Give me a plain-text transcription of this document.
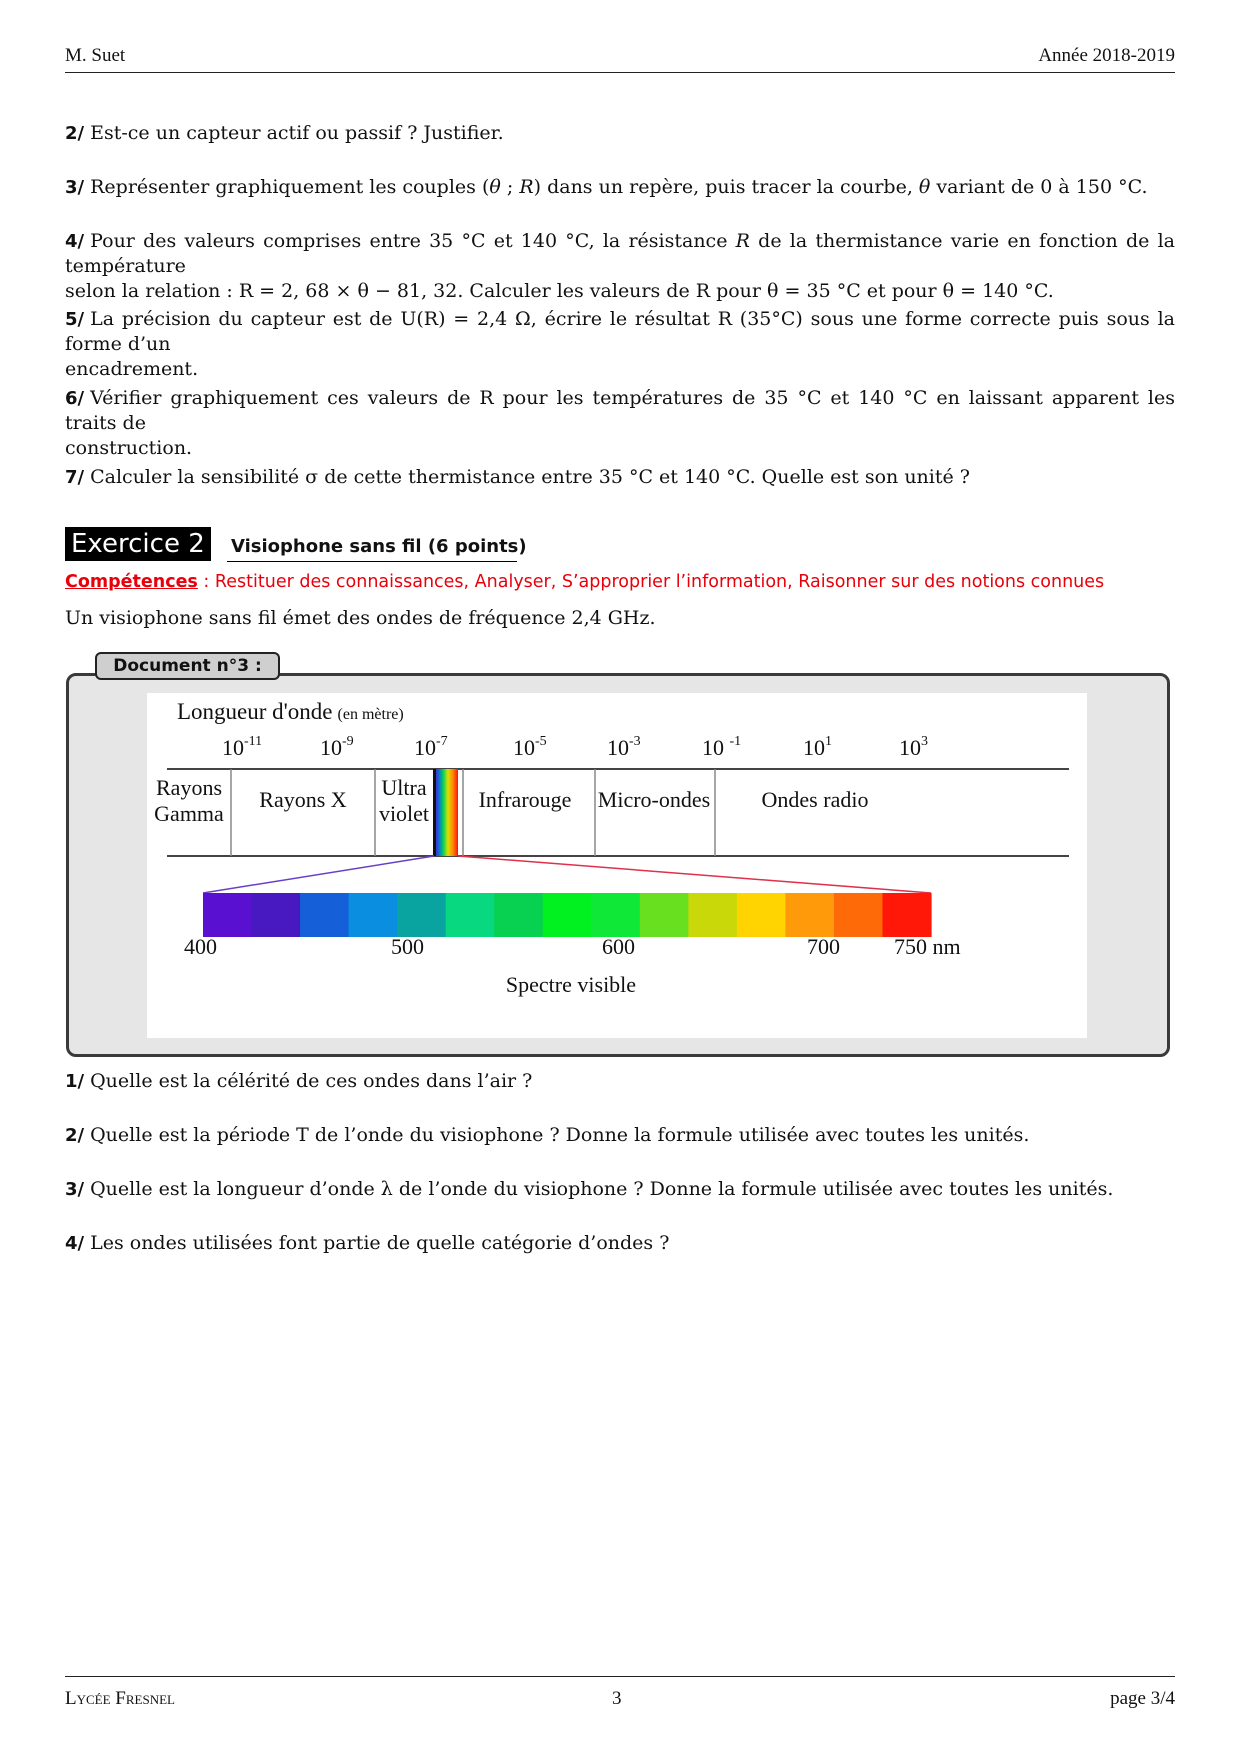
M. Suet	Année 2018-2019
2/ Est-ce un capteur actif ou passif ? Justifier.
3/ Représenter graphiquement les couples (θ ; R) dans un repère, puis tracer la courbe, θ variant de 0 à 150 °C.
4/ Pour des valeurs comprises entre 35 °C et 140 °C, la résistance R de la thermistance varie en fonction de la température
selon la relation : R = 2, 68 × θ − 81, 32. Calculer les valeurs de R pour θ = 35 °C et pour θ = 140 °C.
5/ La précision du capteur est de U(R) = 2,4 Ω, écrire le résultat R (35°C) sous une forme correcte puis sous la forme d’un
encadrement.
6/ Vérifier graphiquement ces valeurs de R pour les températures de 35 °C et 140 °C en laissant apparent les traits de
construction.
7/ Calculer la sensibilité σ de cette thermistance entre 35 °C et 140 °C. Quelle est son unité ?
Exercice 2	Visiophone sans fil (6 points)
Compétences : Restituer des connaissances, Analyser, S’approprier l’information, Raisonner sur des notions connues
Un visiophone sans fil émet des ondes de fréquence 2,4 GHz.
Longueur d'onde (en mètre)
$10^{-11}$	$10^{-9}$	$10^{-7}$	$10^{-5}$	$10^{-3}$	10 $^{-1}$	$10^1$	$10^3$
Rayons
Gamma
Rayons X Ultra
violet
Infrarouge Micro-ondes Ondes radio
400	500	600	700 750 nm
Spectre visible
Document n°3 :
1/ Quelle est la célérité de ces ondes dans l’air ?
2/ Quelle est la période T de l’onde du visiophone ? Donne la formule utilisée avec toutes les unités.
3/ Quelle est la longueur d’onde λ de l’onde du visiophone ? Donne la formule utilisée avec toutes les unités.
4/ Les ondes utilisées font partie de quelle catégorie d’ondes ?
Lycée Fresnel	3	page 3/4
